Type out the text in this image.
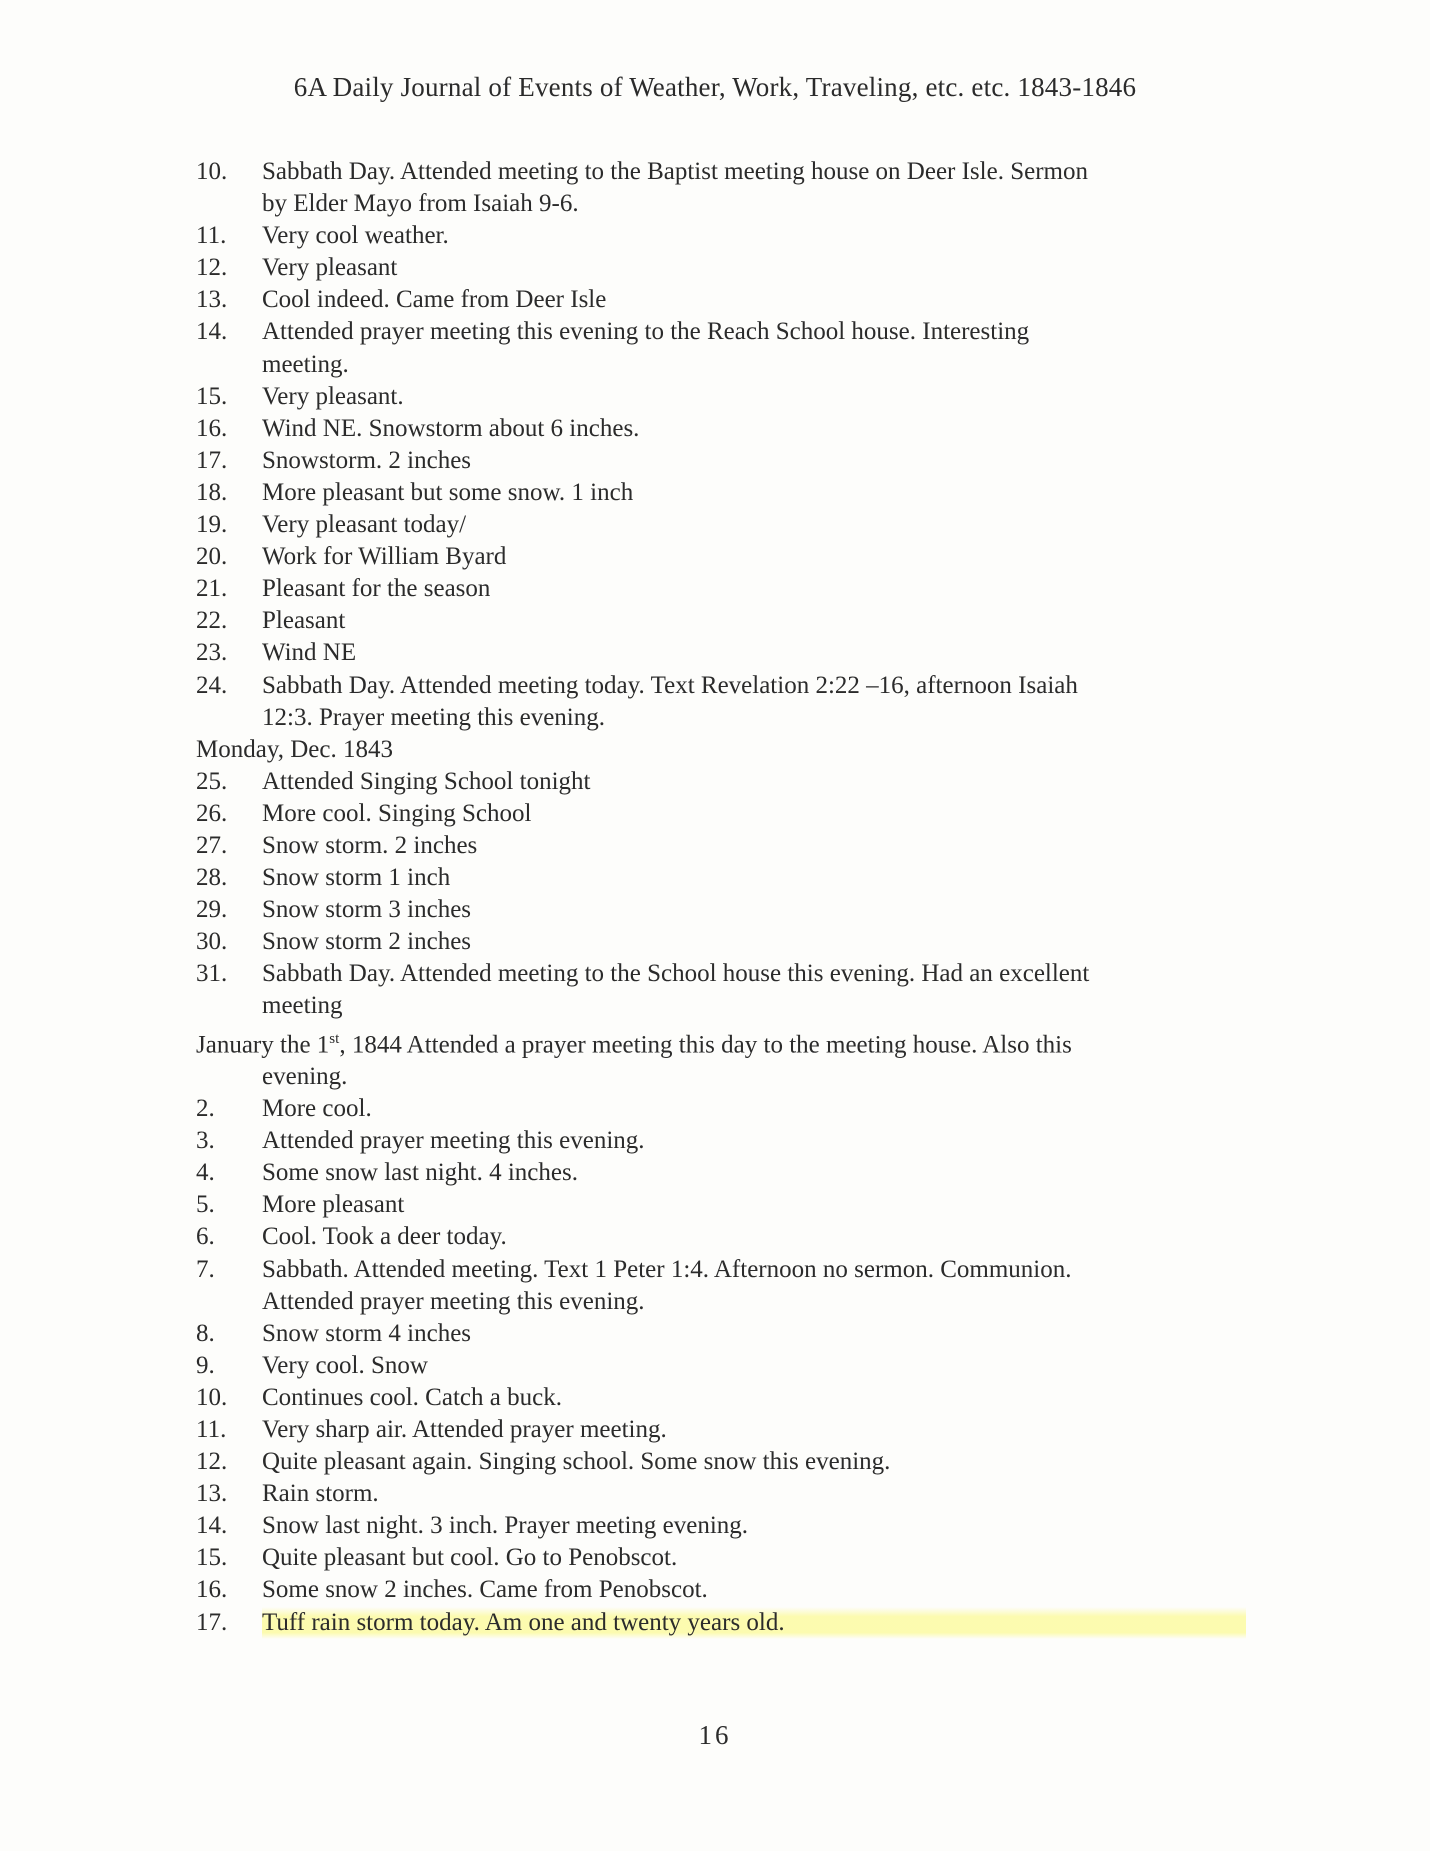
6A Daily Journal of Events of Weather, Work, Traveling, etc. etc. 1843-1846
10.	Sabbath Day. Attended meeting to the Baptist meeting house on Deer Isle. Sermon
by Elder Mayo from Isaiah 9-6.
11.	Very cool weather.
12.	Very pleasant
13.	Cool indeed. Came from Deer Isle
14.	Attended prayer meeting this evening to the Reach School house. Interesting
meeting.
15.	Very pleasant.
16.	Wind NE. Snowstorm about 6 inches.
17.	Snowstorm. 2 inches
18.	More pleasant but some snow. 1 inch
19.	Very pleasant today/
20.	Work for William Byard
21.	Pleasant for the season
22.	Pleasant
23.	Wind NE
24.	Sabbath Day. Attended meeting today. Text Revelation 2:22 –16, afternoon Isaiah
12:3. Prayer meeting this evening.
Monday, Dec. 1843
25.	Attended Singing School tonight
26.	More cool. Singing School
27.	Snow storm. 2 inches
28.	Snow storm 1 inch
29.	Snow storm 3 inches
30.	Snow storm 2 inches
31.	Sabbath Day. Attended meeting to the School house this evening. Had an excellent
meeting
January the 1st, 1844 Attended a prayer meeting this day to the meeting house. Also this
evening.
2.	More cool.
3.	Attended prayer meeting this evening.
4.	Some snow last night. 4 inches.
5.	More pleasant
6.	Cool. Took a deer today.
7.	Sabbath. Attended meeting. Text 1 Peter 1:4. Afternoon no sermon. Communion.
Attended prayer meeting this evening.
8.	Snow storm 4 inches
9.	Very cool. Snow
10.	Continues cool. Catch a buck.
11.	Very sharp air. Attended prayer meeting.
12.	Quite pleasant again. Singing school. Some snow this evening.
13.	Rain storm.
14.	Snow last night. 3 inch. Prayer meeting evening.
15.	Quite pleasant but cool. Go to Penobscot.
16.	Some snow 2 inches. Came from Penobscot.
17.	Tuff rain storm today. Am one and twenty years old.
16
